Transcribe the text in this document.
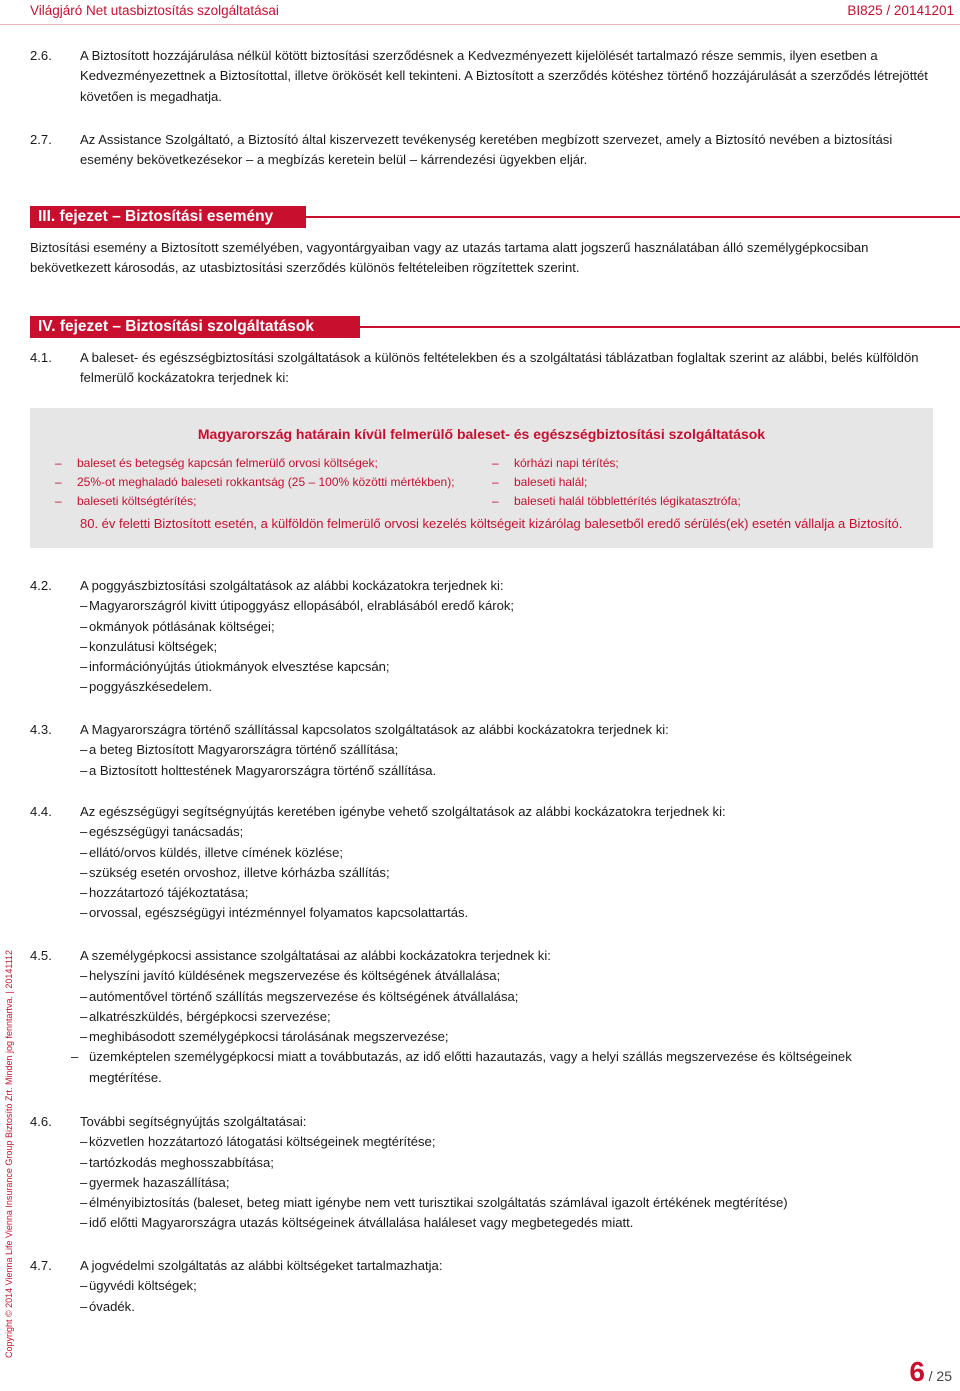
Világjáró Net utasbiztosítás szolgáltatásai	BI825 / 20141201
2.6. A Biztosított hozzájárulása nélkül kötött biztosítási szerződésnek a Kedvezményezett kijelölését tartalmazó része semmis, ilyen esetben a Kedvezményezettnek a Biztosítottal, illetve örökösét kell tekinteni. A Biztosított a szerződés kötéshez történő hozzájárulását a szerződés létrejöttét követően is megadhatja.
2.7. Az Assistance Szolgáltató, a Biztosító által kiszervezett tevékenység keretében megbízott szervezet, amely a Biztosító nevében a biztosítási esemény bekövetkezésekor – a megbízás keretein belül – kárrendezési ügyekben eljár.
III. fejezet – Biztosítási esemény
Biztosítási esemény a Biztosított személyében, vagyontárgyaiban vagy az utazás tartama alatt jogszerű használatában álló személygépkocsiban bekövetkezett károsodás, az utasbiztosítási szerződés különös feltételeiben rögzítettek szerint.
IV. fejezet – Biztosítási szolgáltatások
4.1. A baleset- és egészségbiztosítási szolgáltatások a különös feltételekben és a szolgáltatási táblázatban foglaltak szerint az alábbi, belés külföldön felmerülő kockázatokra terjednek ki:
Magyarország határain kívül felmerülő baleset- és egészségbiztosítási szolgáltatások
– baleset és betegség kapcsán felmerülő orvosi költségek;
– 25%-ot meghaladó baleseti rokkantság (25 – 100% közötti mértékben);
– baleseti költségtérítés;
– kórházi napi térítés;
– baleseti halál;
– baleseti halál többlettérítés légikatasztrófa;
80. év feletti Biztosított esetén, a külföldön felmerülő orvosi kezelés költségeit kizárólag balesetből eredő sérülés(ek) esetén vállalja a Biztosító.
4.2. A poggyászbiztosítási szolgáltatások az alábbi kockázatokra terjednek ki:
– Magyarországról kivitt útipoggyász ellopásából, elrablásából eredő károk;
– okmányok pótlásának költségei;
– konzulátusi költségek;
– információnyújtás útiokmányok elvesztése kapcsán;
– poggyászkésedelem.
4.3. A Magyarországra történő szállítással kapcsolatos szolgáltatások az alábbi kockázatokra terjednek ki:
– a beteg Biztosított Magyarországra történő szállítása;
– a Biztosított holttestének Magyarországra történő szállítása.
4.4. Az egészségügyi segítségnyújtás keretében igénybe vehető szolgáltatások az alábbi kockázatokra terjednek ki:
– egészségügyi tanácsadás;
– ellátó/orvos küldés, illetve címének közlése;
– szükség esetén orvoshoz, illetve kórházba szállítás;
– hozzátartozó tájékoztatása;
– orvossal, egészségügyi intézménnyel folyamatos kapcsolattartás.
4.5. A személygépkocsi assistance szolgáltatásai az alábbi kockázatokra terjednek ki:
– helyszíni javító küldésének megszervezése és költségének átvállalása;
– autómentővel történő szállítás megszervezése és költségének átvállalása;
– alkatrészküldés, bérgépkocsi szervezése;
– meghibásodott személygépkocsi tárolásának megszervezése;
– üzemképtelen személygépkocsi miatt a továbbutazás, az idő előtti hazautazás, vagy a helyi szállás megszervezése és költségeinek megtérítése.
4.6. További segítségnyújtás szolgáltatásai:
– közvetlen hozzátartozó látogatási költségeinek megtérítése;
– tartózkodás meghosszabbítása;
– gyermek hazaszállítása;
– élményibiztosítás (baleset, beteg miatt igénybe nem vett turisztikai szolgáltatás számlával igazolt értékének megtérítése)
– idő előtti Magyarországra utazás költségeinek átvállalása haláleset vagy megbetegedés miatt.
4.7. A jogvédelmi szolgáltatás az alábbi költségeket tartalmazhatja:
– ügyvédi költségek;
– óvadék.
Copyright © 2014 Vienna Life Vienna Insurance Group Biztosító Zrt. Minden jog fenntartva. | 20141112
6 / 25
